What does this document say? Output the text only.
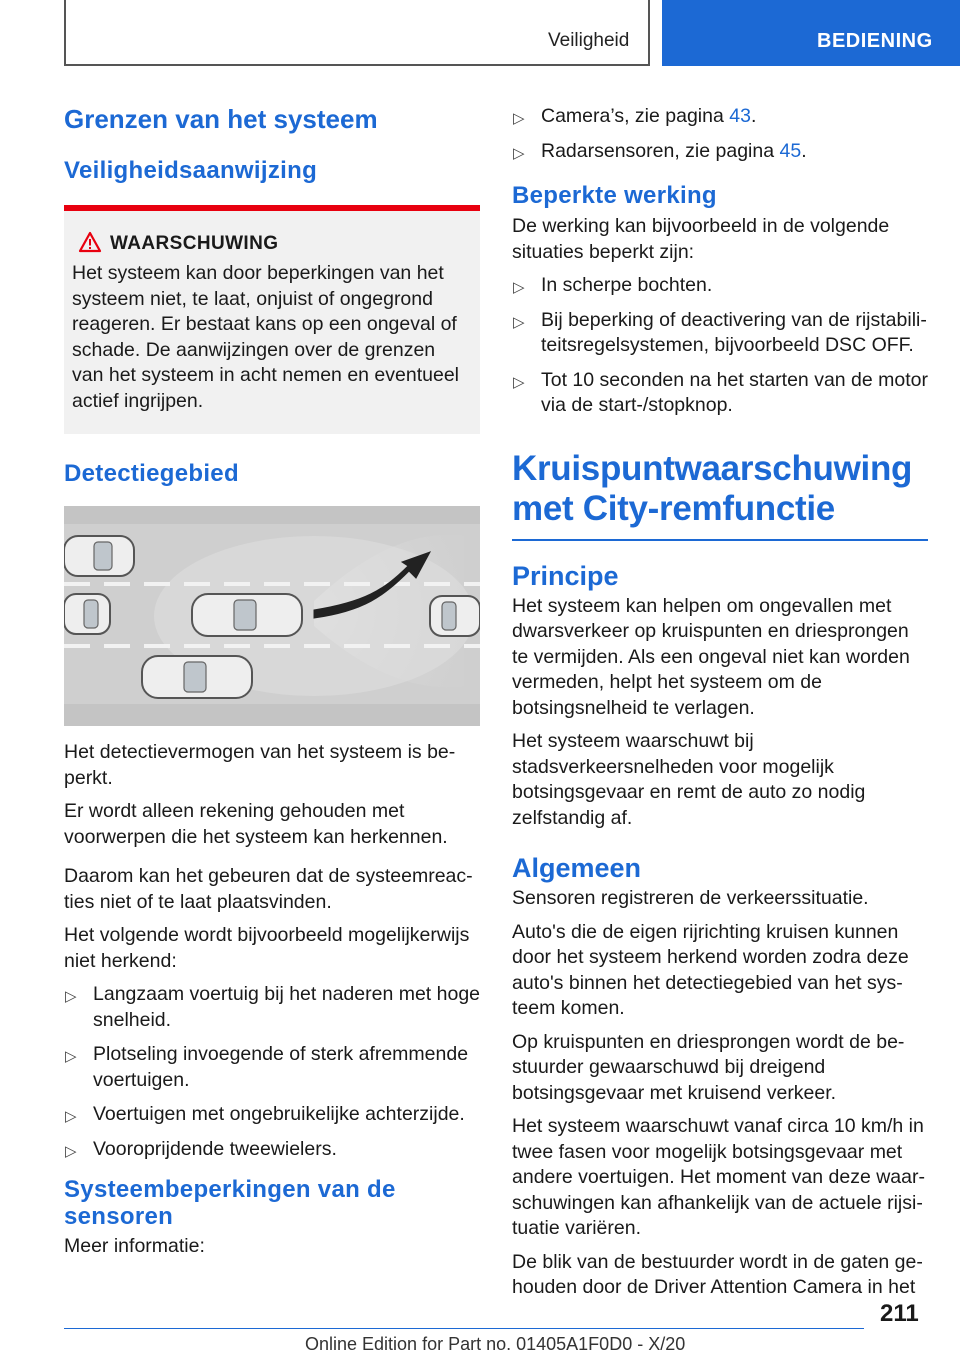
Veiligheid	BEDIENING
Grenzen van het systeem
Veiligheidsaanwijzing
WAARSCHUWING

Het systeem kan door beperkingen van het systeem niet, te laat, onjuist of ongegrond reageren. Er bestaat kans op een ongeval of schade. De aanwijzingen over de grenzen van het systeem in acht nemen en eventueel actief ingrijpen.

Detectiegebied

Het detectievermogen van het systeem is beperkt.

Er wordt alleen rekening gehouden met voorwerpen die het systeem kan herkennen.

Daarom kan het gebeuren dat de systeemreacties niet of te laat plaatsvinden.

Het volgende wordt bijvoorbeeld mogelijkerwijs niet herkend:

▷ Langzaam voertuig bij het naderen met hoge snelheid.
▷ Plotseling invoegende of sterk afremmende voertuigen.
▷ Voertuigen met ongebruikelijke achterzijde.
▷ Vooroprijdende tweewielers.
Systeembeperkingen van de sensoren

Meer informatie:

▷ Camera’s, zie pagina 43.
▷ Radarsensoren, zie pagina 45.
Beperkte werking

De werking kan bijvoorbeeld in de volgende situaties beperkt zijn:

▷ In scherpe bochten.
▷ Bij beperking of deactivering van de rijstabiliteitsregelsystemen, bijvoorbeeld DSC OFF.
▷ Tot 10 seconden na het starten van de motor via de start-/stopknop.
Kruispuntwaarschuwing met City-remfunctie
Principe

Het systeem kan helpen om ongevallen met dwarsverkeer op kruispunten en driesprongen te vermijden. Als een ongeval niet kan worden vermeden, helpt het systeem om de botsingsnelheid te verlagen.

Het systeem waarschuwt bij stadsverkeersnelheden voor mogelijk botsingsgevaar en remt de auto zo nodig zelfstandig af.

Algemeen

Sensoren registreren de verkeerssituatie.

Auto's die de eigen rijrichting kruisen kunnen door het systeem herkend worden zodra deze auto's binnen het detectiegebied van het systeem komen.

Op kruispunten en driesprongen wordt de bestuurder gewaarschuwd bij dreigend botsingsgevaar met kruisend verkeer.

Het systeem waarschuwt vanaf circa 10 km/h in twee fasen voor mogelijk botsingsgevaar met andere voertuigen. Het moment van deze waarschuwingen kan afhankelijk van de actuele rijsituatie variëren.

De blik van de bestuurder wordt in de gaten gehouden door de Driver Attention Camera in het

211
Online Edition for Part no. 01405A1F0D0 - X/20
